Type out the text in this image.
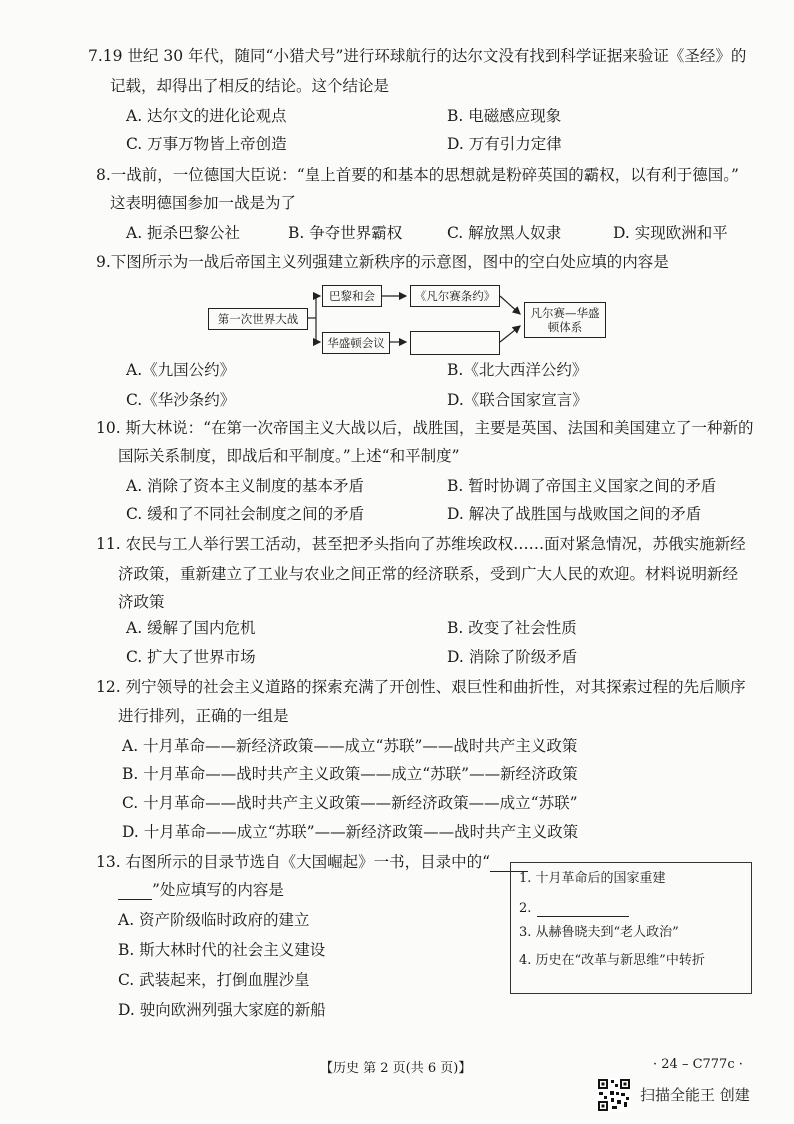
7.19 世纪 30 年代，随同“小猎犬号”进行环球航行的达尔文没有找到科学证据来验证《圣经》的
记载，却得出了相反的结论。这个结论是
A. 达尔文的进化论观点	B. 电磁感应现象
C. 万事万物皆上帝创造	D. 万有引力定律
8.一战前，一位德国大臣说：“皇上首要的和基本的思想就是粉碎英国的霸权，以有利于德国。”
这表明德国参加一战是为了
A. 扼杀巴黎公社	B. 争夺世界霸权	C. 解放黑人奴隶	D. 实现欧洲和平
9.下图所示为一战后帝国主义列强建立新秩序的示意图，图中的空白处应填的内容是
第一次世界大战
巴黎和会	《凡尔赛条约》
华盛顿会议
凡尔赛—华盛顿体系
A.《九国公约》	B.《北大西洋公约》
C.《华沙条约》	D.《联合国家宣言》
10. 斯大林说：“在第一次帝国主义大战以后，战胜国，主要是英国、法国和美国建立了一种新的
国际关系制度，即战后和平制度。”上述“和平制度”
A. 消除了资本主义制度的基本矛盾	B. 暂时协调了帝国主义国家之间的矛盾
C. 缓和了不同社会制度之间的矛盾	D. 解决了战胜国与战败国之间的矛盾
11. 农民与工人举行罢工活动，甚至把矛头指向了苏维埃政权……面对紧急情况，苏俄实施新经
济政策，重新建立了工业与农业之间正常的经济联系，受到广大人民的欢迎。材料说明新经
济政策
A. 缓解了国内危机	B. 改变了社会性质
C. 扩大了世界市场	D. 消除了阶级矛盾
12. 列宁领导的社会主义道路的探索充满了开创性、艰巨性和曲折性，对其探索过程的先后顺序
进行排列，正确的一组是
A. 十月革命——新经济政策——成立“苏联”——战时共产主义政策
B. 十月革命——战时共产主义政策——成立“苏联”——新经济政策
C. 十月革命——战时共产主义政策——新经济政策——成立“苏联”
D. 十月革命——成立“苏联”——新经济政策——战时共产主义政策
13. 右图所示的目录节选自《大国崛起》一书，目录中的“
”处应填写的内容是
A. 资产阶级临时政府的建立
B. 斯大林时代的社会主义建设
C. 武装起来，打倒血腥沙皇
D. 驶向欧洲列强大家庭的新船
1. 十月革命后的国家重建
2.
3. 从赫鲁晓夫到“老人政治”
4. 历史在“改革与新思维”中转折
【历史 第 2 页(共 6 页)】	· 24 – C777c ·
扫描全能王 创建
